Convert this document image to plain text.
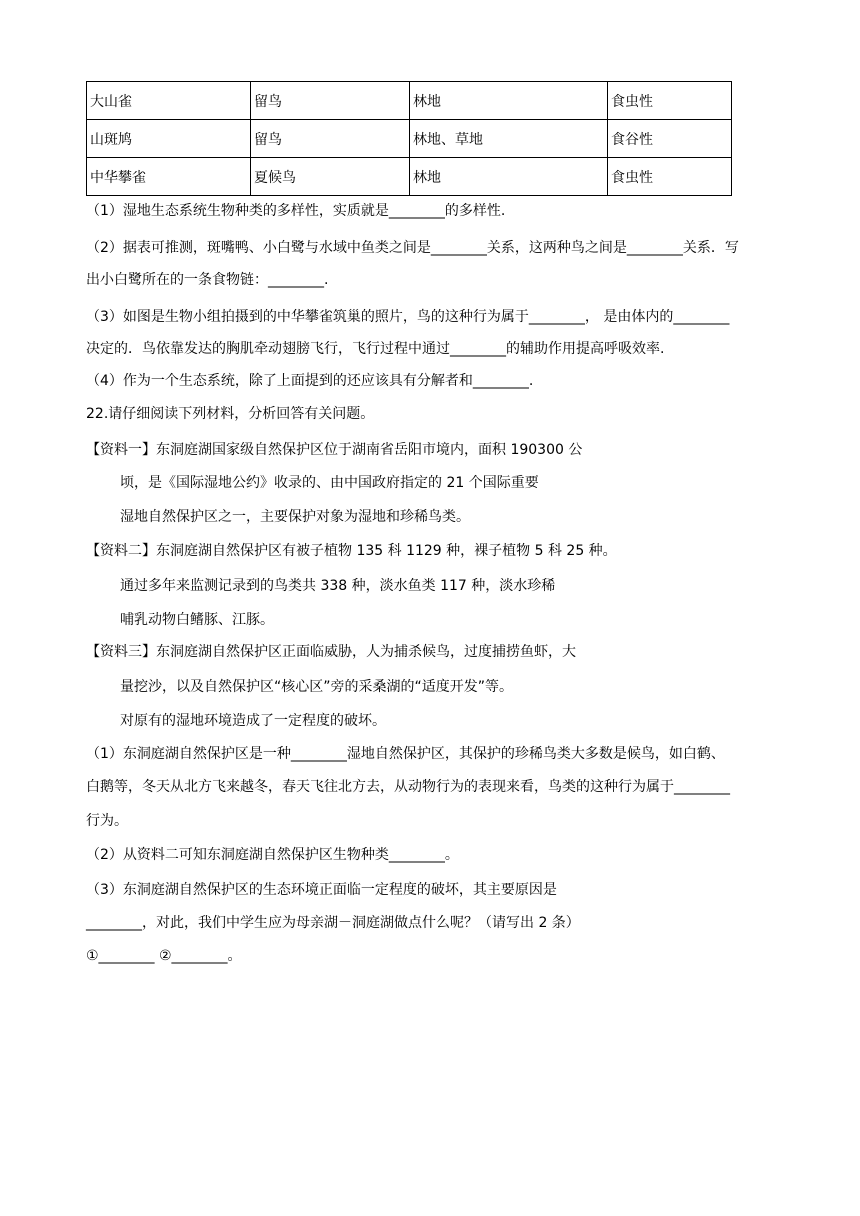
大山雀	留鸟	林地	食虫性
山斑鸠	留鸟	林地、草地	食谷性
中华攀雀	夏候鸟	林地	食虫性
（1）湿地生态系统生物种类的多样性，实质就是________的多样性.
（2）据表可推测，斑嘴鸭、小白鹭与水域中鱼类之间是________关系，这两种鸟之间是________关系．写
出小白鹭所在的一条食物链：________.
（3）如图是生物小组拍摄到的中华攀雀筑巢的照片，鸟的这种行为属于________， 是由体内的________
决定的．鸟依靠发达的胸肌牵动翅膀飞行，飞行过程中通过________的辅助作用提高呼吸效率.
（4）作为一个生态系统，除了上面提到的还应该具有分解者和________.
22.请仔细阅读下列材料，分析回答有关问题。
【资料一】东洞庭湖国家级自然保护区位于湖南省岳阳市境内，面积 190300 公
顷，是《国际湿地公约》收录的、由中国政府指定的 21 个国际重要
湿地自然保护区之一，主要保护对象为湿地和珍稀鸟类。
【资料二】东洞庭湖自然保护区有被子植物 135 科 1129 种，裸子植物 5 科 25 种。
通过多年来监测记录到的鸟类共 338 种，淡水鱼类 117 种，淡水珍稀
哺乳动物白鳍豚、江豚。
【资料三】东洞庭湖自然保护区正面临威胁，人为捕杀候鸟，过度捕捞鱼虾，大
量挖沙，以及自然保护区“核心区”旁的采桑湖的“适度开发”等。
对原有的湿地环境造成了一定程度的破坏。
（1）东洞庭湖自然保护区是一种________湿地自然保护区，其保护的珍稀鸟类大多数是候鸟，如白鹤、
白鹅等，冬天从北方飞来越冬，春天飞往北方去，从动物行为的表现来看，鸟类的这种行为属于________
行为。
（2）从资料二可知东洞庭湖自然保护区生物种类________。
（3）东洞庭湖自然保护区的生态环境正面临一定程度的破坏，其主要原因是
________，对此，我们中学生应为母亲湖－洞庭湖做点什么呢？（请写出 2 条）
①________ ②________。
